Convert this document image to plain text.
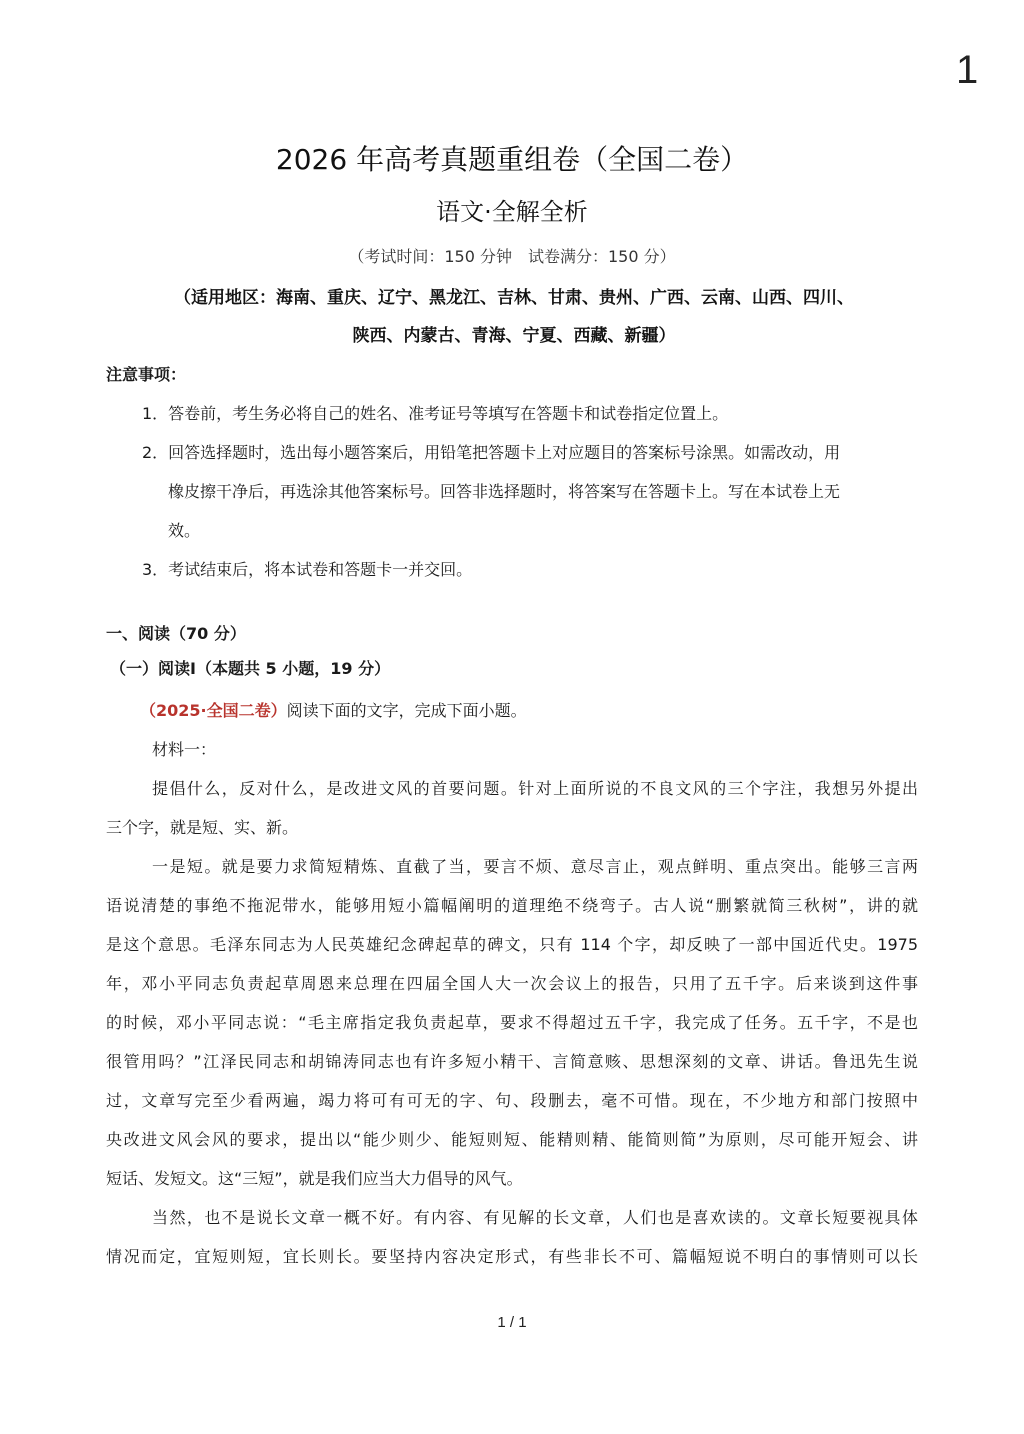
1
2026 年高考真题重组卷（全国二卷）
语文·全解全析
（考试时间：150 分钟　试卷满分：150 分）
（适用地区：海南、重庆、辽宁、黑龙江、吉林、甘肃、贵州、广西、云南、山西、四川、
陕西、内蒙古、青海、宁夏、西藏、新疆）
注意事项：
1．答卷前，考生务必将自己的姓名、准考证号等填写在答题卡和试卷指定位置上。
2．回答选择题时，选出每小题答案后，用铅笔把答题卡上对应题目的答案标号涂黑。如需改动，用
橡皮擦干净后，再选涂其他答案标号。回答非选择题时，将答案写在答题卡上。写在本试卷上无
效。
3．考试结束后，将本试卷和答题卡一并交回。
一、阅读（70 分）
（一）阅读I（本题共 5 小题，19 分）
（2025·全国二卷）阅读下面的文字，完成下面小题。
材料一：
提倡什么，反对什么，是改进文风的首要问题。针对上面所说的不良文风的三个字注，我想另外提出
三个字，就是短、实、新。
一是短。就是要力求简短精炼、直截了当，要言不烦、意尽言止，观点鲜明、重点突出。能够三言两
语说清楚的事绝不拖泥带水，能够用短小篇幅阐明的道理绝不绕弯子。古人说“删繁就简三秋树”，讲的就
是这个意思。毛泽东同志为人民英雄纪念碑起草的碑文，只有 114 个字，却反映了一部中国近代史。1975
年，邓小平同志负责起草周恩来总理在四届全国人大一次会议上的报告，只用了五千字。后来谈到这件事
的时候，邓小平同志说：“毛主席指定我负责起草，要求不得超过五千字，我完成了任务。五千字，不是也
很管用吗？”江泽民同志和胡锦涛同志也有许多短小精干、言简意赅、思想深刻的文章、讲话。鲁迅先生说
过，文章写完至少看两遍，竭力将可有可无的字、句、段删去，毫不可惜。现在，不少地方和部门按照中
央改进文风会风的要求，提出以“能少则少、能短则短、能精则精、能简则简”为原则，尽可能开短会、讲
短话、发短文。这“三短”，就是我们应当大力倡导的风气。
当然，也不是说长文章一概不好。有内容、有见解的长文章，人们也是喜欢读的。文章长短要视具体
情况而定，宜短则短，宜长则长。要坚持内容决定形式，有些非长不可、篇幅短说不明白的事情则可以长
1 / 1
